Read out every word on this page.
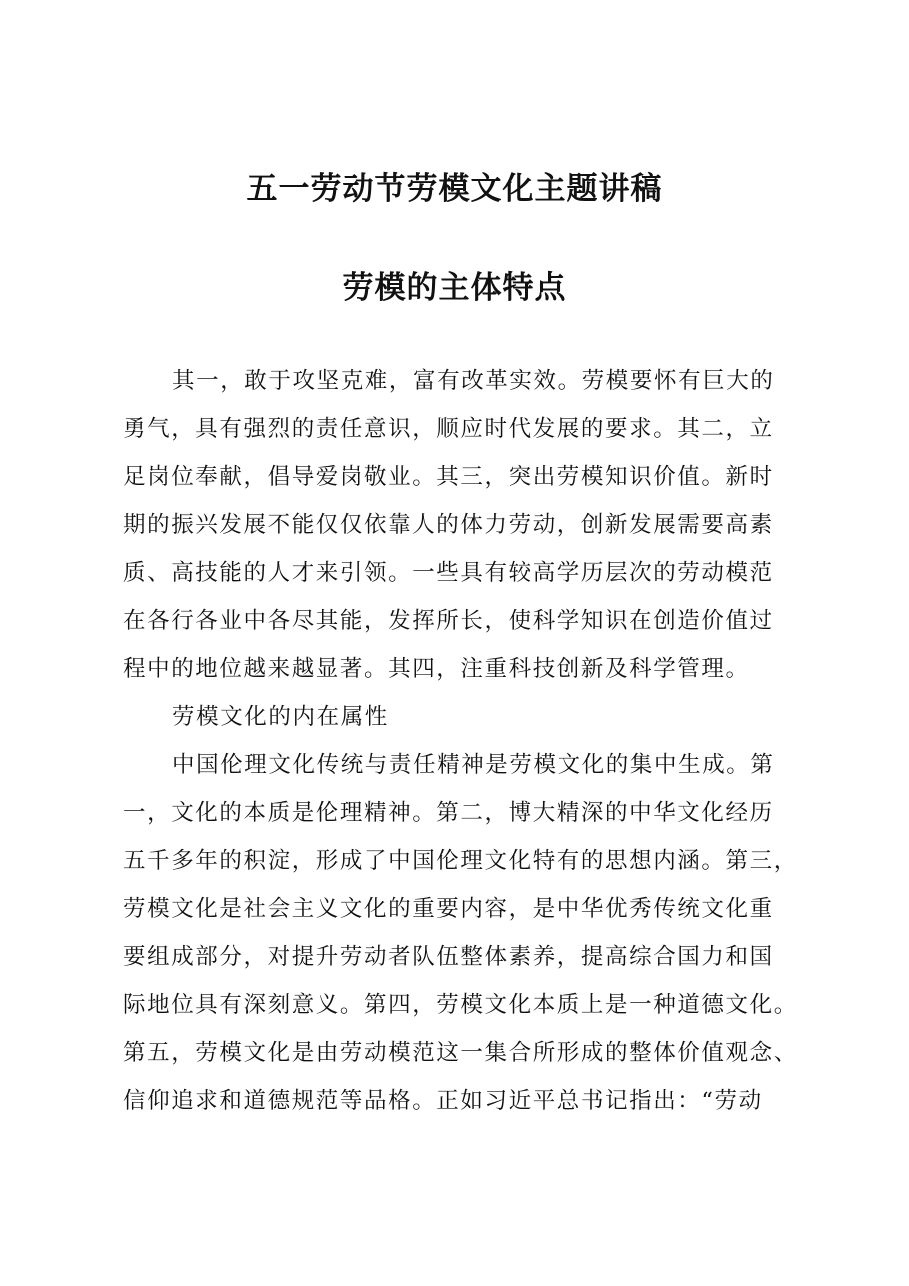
五一劳动节劳模文化主题讲稿
劳模的主体特点
其一，敢于攻坚克难，富有改革实效。劳模要怀有巨大的
勇气，具有强烈的责任意识，顺应时代发展的要求。其二，立
足岗位奉献，倡导爱岗敬业。其三，突出劳模知识价值。新时
期的振兴发展不能仅仅依靠人的体力劳动，创新发展需要高素
质、高技能的人才来引领。一些具有较高学历层次的劳动模范
在各行各业中各尽其能，发挥所长，使科学知识在创造价值过
程中的地位越来越显著。其四，注重科技创新及科学管理。
劳模文化的内在属性
中国伦理文化传统与责任精神是劳模文化的集中生成。第
一，文化的本质是伦理精神。第二，博大精深的中华文化经历
五千多年的积淀，形成了中国伦理文化特有的思想内涵。第三，
劳模文化是社会主义文化的重要内容，是中华优秀传统文化重
要组成部分，对提升劳动者队伍整体素养，提高综合国力和国
际地位具有深刻意义。第四，劳模文化本质上是一种道德文化。
第五，劳模文化是由劳动模范这一集合所形成的整体价值观念、
信仰追求和道德规范等品格。正如习近平总书记指出：“劳动
